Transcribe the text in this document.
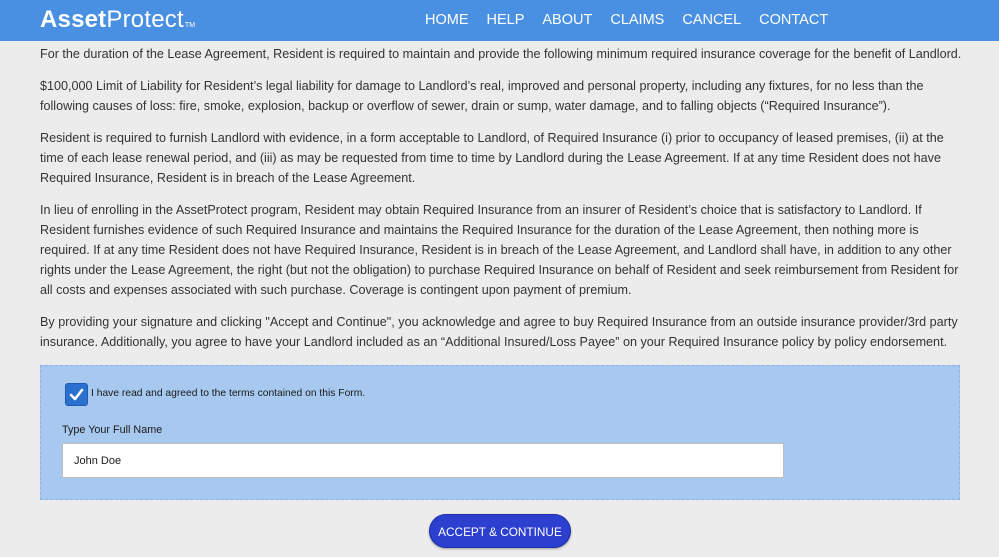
AssetProtectTM	HOME HELP ABOUT CLAIMS CANCEL CONTACT

For the duration of the Lease Agreement, Resident is required to maintain and provide the following minimum required insurance coverage for the benefit of Landlord.

$100,000 Limit of Liability for Resident’s legal liability for damage to Landlord’s real, improved and personal property, including any fixtures, for no less than the following causes of loss: fire, smoke, explosion, backup or overflow of sewer, drain or sump, water damage, and to falling objects (“Required Insurance”).

Resident is required to furnish Landlord with evidence, in a form acceptable to Landlord, of Required Insurance (i) prior to occupancy of leased premises, (ii) at the time of each lease renewal period, and (iii) as may be requested from time to time by Landlord during the Lease Agreement. If at any time Resident does not have Required Insurance, Resident is in breach of the Lease Agreement.

In lieu of enrolling in the AssetProtect program, Resident may obtain Required Insurance from an insurer of Resident’s choice that is satisfactory to Landlord. If Resident furnishes evidence of such Required Insurance and maintains the Required Insurance for the duration of the Lease Agreement, then nothing more is required. If at any time Resident does not have Required Insurance, Resident is in breach of the Lease Agreement, and Landlord shall have, in addition to any other rights under the Lease Agreement, the right (but not the obligation) to purchase Required Insurance on behalf of Resident and seek reimbursement from Resident for all costs and expenses associated with such purchase. Coverage is contingent upon payment of premium.

By providing your signature and clicking "Accept and Continue", you acknowledge and agree to buy Required Insurance from an outside insurance provider/3rd party insurance. Additionally, you agree to have your Landlord included as an “Additional Insured/Loss Payee” on your Required Insurance policy by policy endorsement.

I have read and agreed to the terms contained on this Form.
Type Your Full Name
John Doe
ACCEPT & CONTINUE
